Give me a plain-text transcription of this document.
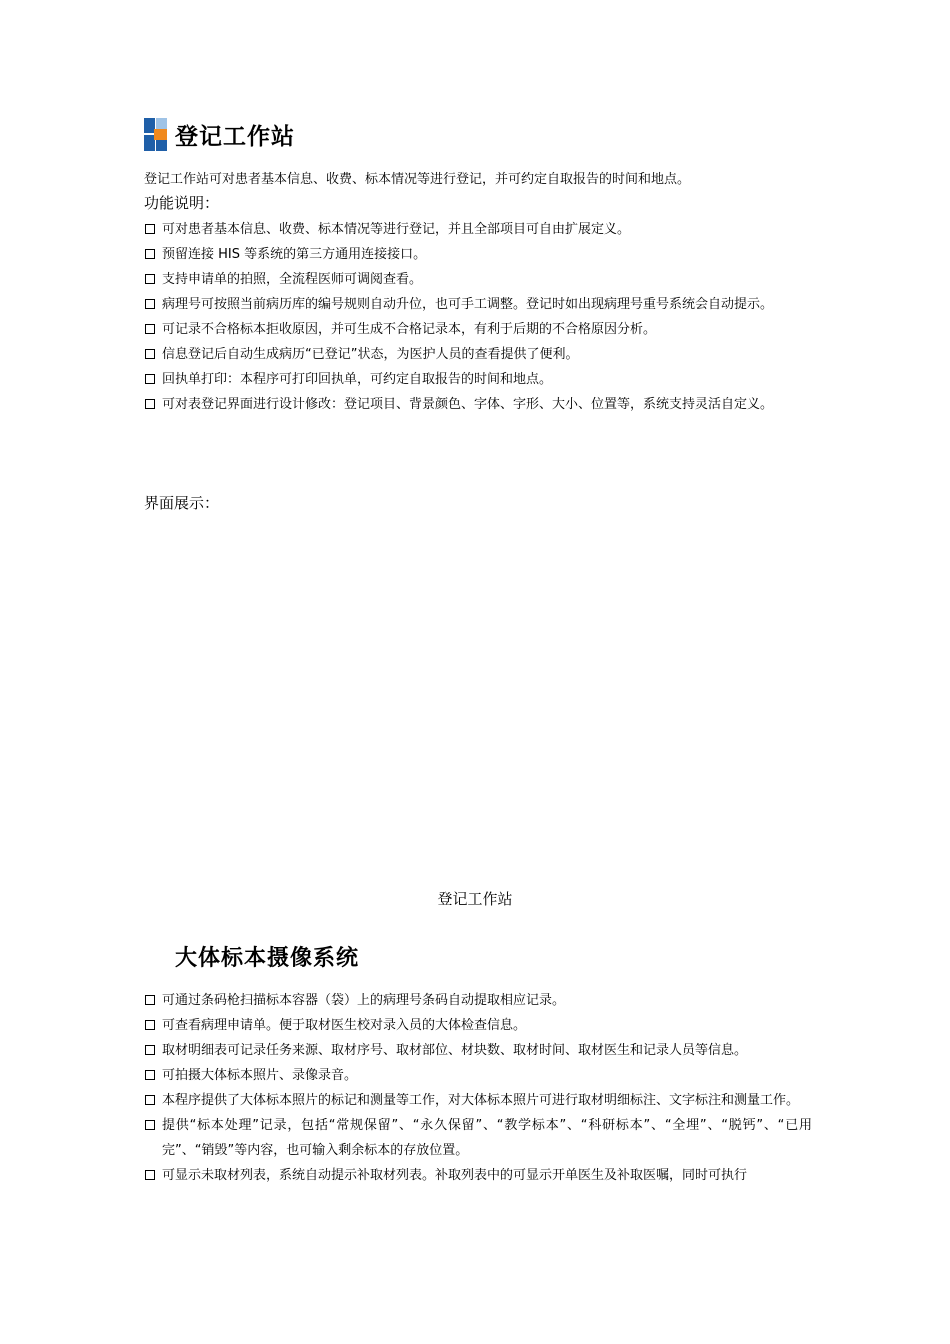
登记工作站
登记工作站可对患者基本信息、收费、标本情况等进行登记，并可约定自取报告的时间和地点。
功能说明：
可对患者基本信息、收费、标本情况等进行登记，并且全部项目可自由扩展定义。
预留连接 HIS 等系统的第三方通用连接接口。
支持申请单的拍照，全流程医师可调阅查看。
病理号可按照当前病历库的编号规则自动升位，也可手工调整。登记时如出现病理号重号系统会自动提示。
可记录不合格标本拒收原因，并可生成不合格记录本，有利于后期的不合格原因分析。
信息登记后自动生成病历“已登记”状态，为医护人员的查看提供了便利。
回执单打印：本程序可打印回执单，可约定自取报告的时间和地点。
可对表登记界面进行设计修改：登记项目、背景颜色、字体、字形、大小、位置等，系统支持灵活自定义。
界面展示：
登记工作站
大体标本摄像系统
可通过条码枪扫描标本容器（袋）上的病理号条码自动提取相应记录。
可查看病理申请单。便于取材医生校对录入员的大体检查信息。
取材明细表可记录任务来源、取材序号、取材部位、材块数、取材时间、取材医生和记录人员等信息。
可拍摄大体标本照片、录像录音。
本程序提供了大体标本照片的标记和测量等工作，对大体标本照片可进行取材明细标注、文字标注和测量工作。
提供“标本处理”记录，包括“常规保留”、“永久保留”、“教学标本”、“科研标本”、“全埋”、“脱钙”、“已用完”、“销毁”等内容，也可输入剩余标本的存放位置。
可显示未取材列表，系统自动提示补取材列表。补取列表中的可显示开单医生及补取医嘱，同时可执行
